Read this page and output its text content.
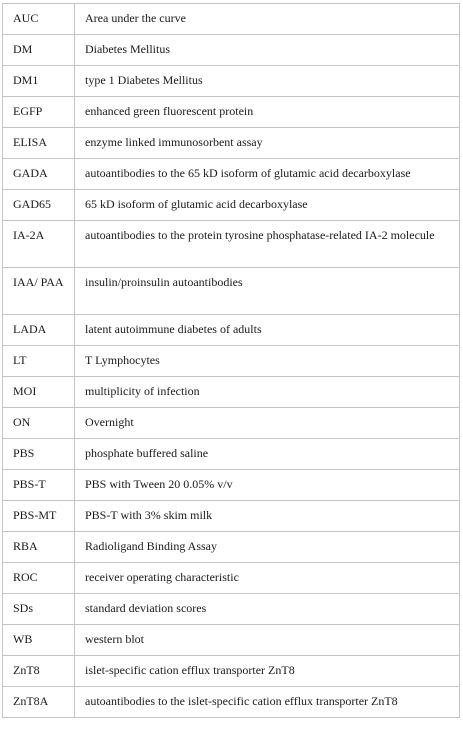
AUC	Area under the curve
DM	Diabetes Mellitus
DM1	type 1 Diabetes Mellitus
EGFP	enhanced green fluorescent protein
ELISA	enzyme linked immunosorbent assay
GADA	autoantibodies to the 65 kD isoform of glutamic acid decarboxylase
GAD65	65 kD isoform of glutamic acid decarboxylase
IA-2A	autoantibodies to the protein tyrosine phosphatase-related IA-2 molecule
IAA/ PAA	insulin/proinsulin autoantibodies
LADA	latent autoimmune diabetes of adults
LT	T Lymphocytes
MOI	multiplicity of infection
ON	Overnight
PBS	phosphate buffered saline
PBS-T	PBS with Tween 20 0.05% v/v
PBS-MT	PBS-T with 3% skim milk
RBA	Radioligand Binding Assay
ROC	receiver operating characteristic
SDs	standard deviation scores
WB	western blot
ZnT8	islet-specific cation efflux transporter ZnT8
ZnT8A	autoantibodies to the islet-specific cation efflux transporter ZnT8
